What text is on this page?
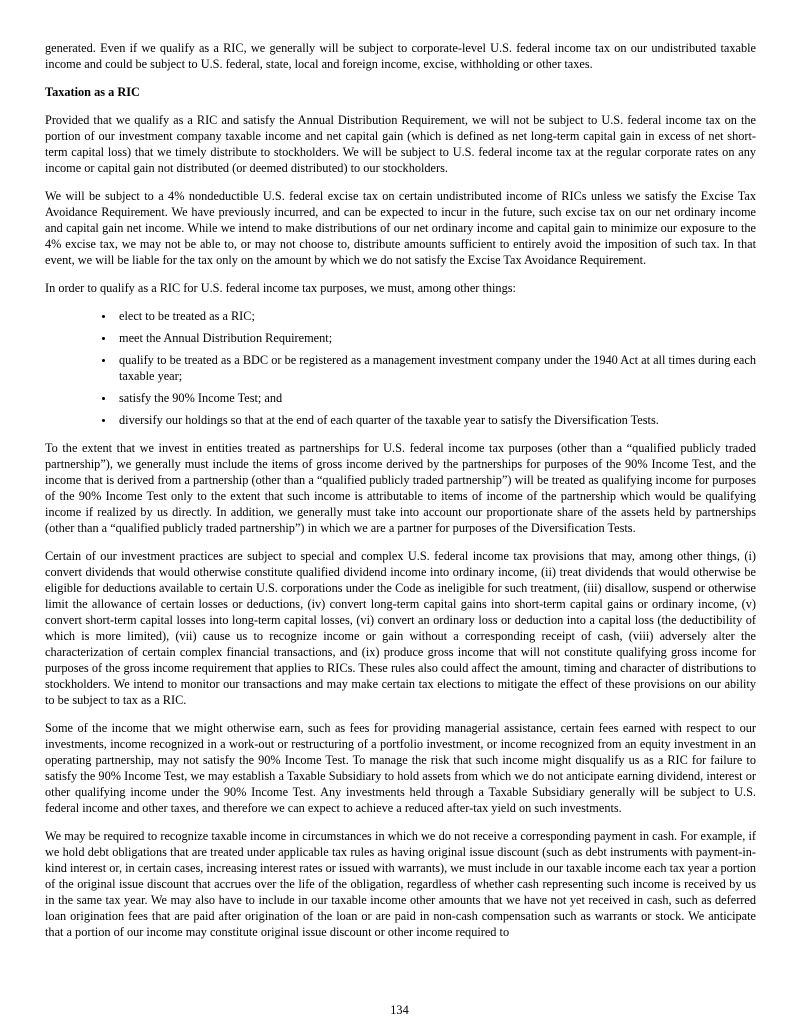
generated. Even if we qualify as a RIC, we generally will be subject to corporate-level U.S. federal income tax on our undistributed taxable income and could be subject to U.S. federal, state, local and foreign income, excise, withholding or other taxes.

Taxation as a RIC

Provided that we qualify as a RIC and satisfy the Annual Distribution Requirement, we will not be subject to U.S. federal income tax on the portion of our investment company taxable income and net capital gain (which is defined as net long-term capital gain in excess of net short-term capital loss) that we timely distribute to stockholders. We will be subject to U.S. federal income tax at the regular corporate rates on any income or capital gain not distributed (or deemed distributed) to our stockholders.

We will be subject to a 4% nondeductible U.S. federal excise tax on certain undistributed income of RICs unless we satisfy the Excise Tax Avoidance Requirement. We have previously incurred, and can be expected to incur in the future, such excise tax on our net ordinary income and capital gain net income. While we intend to make distributions of our net ordinary income and capital gain to minimize our exposure to the 4% excise tax, we may not be able to, or may not choose to, distribute amounts sufficient to entirely avoid the imposition of such tax. In that event, we will be liable for the tax only on the amount by which we do not satisfy the Excise Tax Avoidance Requirement.

In order to qualify as a RIC for U.S. federal income tax purposes, we must, among other things:

• elect to be treated as a RIC;
• meet the Annual Distribution Requirement;
• qualify to be treated as a BDC or be registered as a management investment company under the 1940 Act at all times during each taxable year;
• satisfy the 90% Income Test; and
• diversify our holdings so that at the end of each quarter of the taxable year to satisfy the Diversification Tests.

To the extent that we invest in entities treated as partnerships for U.S. federal income tax purposes (other than a “qualified publicly traded partnership”), we generally must include the items of gross income derived by the partnerships for purposes of the 90% Income Test, and the income that is derived from a partnership (other than a “qualified publicly traded partnership”) will be treated as qualifying income for purposes of the 90% Income Test only to the extent that such income is attributable to items of income of the partnership which would be qualifying income if realized by us directly. In addition, we generally must take into account our proportionate share of the assets held by partnerships (other than a “qualified publicly traded partnership”) in which we are a partner for purposes of the Diversification Tests.

Certain of our investment practices are subject to special and complex U.S. federal income tax provisions that may, among other things, (i) convert dividends that would otherwise constitute qualified dividend income into ordinary income, (ii) treat dividends that would otherwise be eligible for deductions available to certain U.S. corporations under the Code as ineligible for such treatment, (iii) disallow, suspend or otherwise limit the allowance of certain losses or deductions, (iv) convert long-term capital gains into short-term capital gains or ordinary income, (v) convert short-term capital losses into long-term capital losses, (vi) convert an ordinary loss or deduction into a capital loss (the deductibility of which is more limited), (vii) cause us to recognize income or gain without a corresponding receipt of cash, (viii) adversely alter the characterization of certain complex financial transactions, and (ix) produce gross income that will not constitute qualifying gross income for purposes of the gross income requirement that applies to RICs. These rules also could affect the amount, timing and character of distributions to stockholders. We intend to monitor our transactions and may make certain tax elections to mitigate the effect of these provisions on our ability to be subject to tax as a RIC.

Some of the income that we might otherwise earn, such as fees for providing managerial assistance, certain fees earned with respect to our investments, income recognized in a work-out or restructuring of a portfolio investment, or income recognized from an equity investment in an operating partnership, may not satisfy the 90% Income Test. To manage the risk that such income might disqualify us as a RIC for failure to satisfy the 90% Income Test, we may establish a Taxable Subsidiary to hold assets from which we do not anticipate earning dividend, interest or other qualifying income under the 90% Income Test. Any investments held through a Taxable Subsidiary generally will be subject to U.S. federal income and other taxes, and therefore we can expect to achieve a reduced after-tax yield on such investments.

We may be required to recognize taxable income in circumstances in which we do not receive a corresponding payment in cash. For example, if we hold debt obligations that are treated under applicable tax rules as having original issue discount (such as debt instruments with payment-in-kind interest or, in certain cases, increasing interest rates or issued with warrants), we must include in our taxable income each tax year a portion of the original issue discount that accrues over the life of the obligation, regardless of whether cash representing such income is received by us in the same tax year. We may also have to include in our taxable income other amounts that we have not yet received in cash, such as deferred loan origination fees that are paid after origination of the loan or are paid in non-cash compensation such as warrants or stock. We anticipate that a portion of our income may constitute original issue discount or other income required to

134
